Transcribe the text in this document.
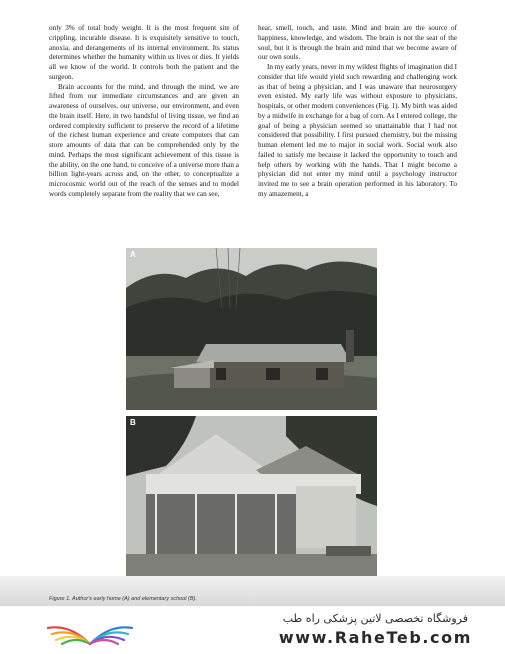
only 3% of total body weight. It is the most frequent site of crippling, incurable disease. It is exquisitely sensitive to touch, anoxia, and derangements of its internal environment. Its status determines whether the humanity within us lives or dies. It yields all we know of the world. It controls both the patient and the surgeon.

Brain accounts for the mind, and through the mind, we are lifted from our immediate circumstances and are given an awareness of ourselves, our universe, our environment, and even the brain itself. Here, in two handsful of living tissue, we find an ordered complexity sufficient to preserve the record of a lifetime of the richest human experience and create computers that can store amounts of data that can be comprehended only by the mind. Perhaps the most significant achievement of this tissue is the ability, on the one hand, to conceive of a universe more than a billion light-years across and, on the other, to conceptualize a microcosmic world out of the reach of the senses and to model words completely separate from the reality that we can see,

hear, smell, touch, and taste. Mind and brain are the source of happiness, knowledge, and wisdom. The brain is not the seat of the soul, but it is through the brain and mind that we become aware of our own souls.

In my early years, never in my wildest flights of imagination did I consider that life would yield such rewarding and challenging work as that of being a physician, and I was unaware that neurosurgery even existed. My early life was without exposure to physicians, hospitals, or other modern conveniences (Fig. 1). My birth was aided by a midwife in exchange for a bag of corn. As I entered college, the goal of being a physician seemed so unattainable that I had not considered that possibility. I first pursued chemistry, but the missing human element led me to major in social work. Social work also failed to satisfy me because it lacked the opportunity to touch and help others by working with the hands. That I might become a physician did not enter my mind until a psychology instructor invited me to see a brain operation performed in his laboratory. To my amazement, a

A
B
Figure 1. Author's early home (A) and elementary school (B).
فروشگاه تخصصی لاتین پزشکی راه طب
www.RaheTeb.com
